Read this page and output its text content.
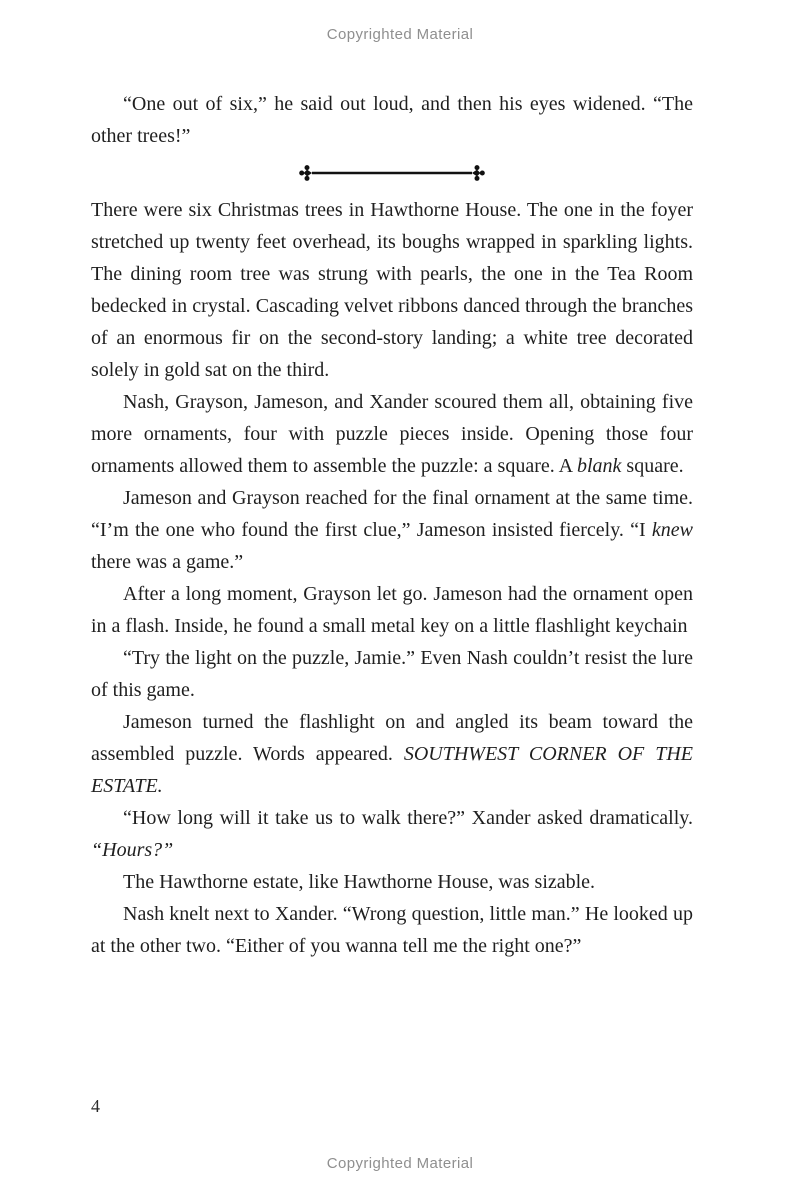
Copyrighted Material

“One out of six,” he said out loud, and then his eyes widened. “The other trees!”

There were six Christmas trees in Hawthorne House. The one in the foyer stretched up twenty feet overhead, its boughs wrapped in sparkling lights. The dining room tree was strung with pearls, the one in the Tea Room bedecked in crystal. Cascading velvet ribbons danced through the branches of an enormous fir on the second-story landing; a white tree decorated solely in gold sat on the third.

Nash, Grayson, Jameson, and Xander scoured them all, obtaining five more ornaments, four with puzzle pieces inside. Opening those four ornaments allowed them to assemble the puzzle: a square. A blank square.

Jameson and Grayson reached for the final ornament at the same time. “I’m the one who found the first clue,” Jameson insisted fiercely. “I knew there was a game.”

After a long moment, Grayson let go. Jameson had the ornament open in a flash. Inside, he found a small metal key on a little flashlight keychain

“Try the light on the puzzle, Jamie.” Even Nash couldn’t resist the lure of this game.

Jameson turned the flashlight on and angled its beam toward the assembled puzzle. Words appeared. SOUTHWEST CORNER OF THE ESTATE.

“How long will it take us to walk there?” Xander asked dramatically. “Hours?”

The Hawthorne estate, like Hawthorne House, was sizable.

Nash knelt next to Xander. “Wrong question, little man.” He looked up at the other two. “Either of you wanna tell me the right one?”

4
Copyrighted Material
